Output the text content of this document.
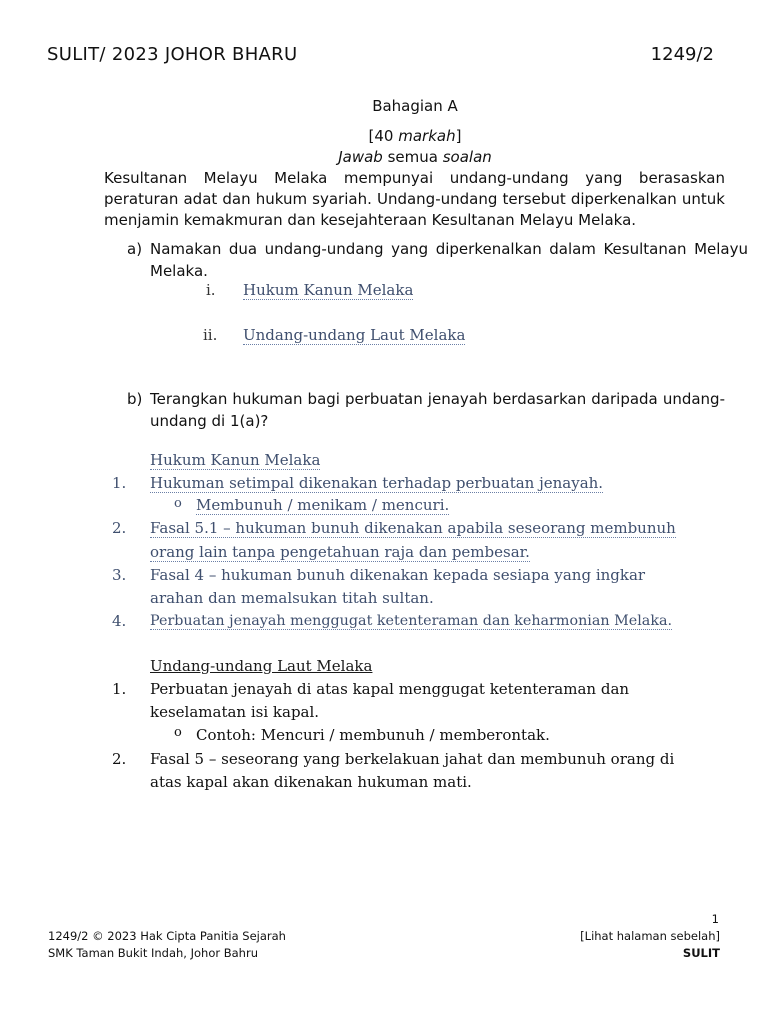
SULIT/ 2023 JOHOR BHARU	1249/2
Bahagian A
[40 markah]
Jawab semua soalan
Kesultanan Melayu Melaka mempunyai undang-undang yang berasaskan peraturan adat dan hukum syariah. Undang-undang tersebut diperkenalkan untuk menjamin kemakmuran dan kesejahteraan Kesultanan Melayu Melaka.
a) Namakan dua undang-undang yang diperkenalkan dalam Kesultanan Melayu Melaka.
i. Hukum Kanun Melaka
ii. Undang-undang Laut Melaka
b) Terangkan hukuman bagi perbuatan jenayah berdasarkan daripada undang- undang di 1(a)?
Hukum Kanun Melaka
1. Hukuman setimpal dikenakan terhadap perbuatan jenayah.
o Membunuh / menikam / mencuri.
2. Fasal 5.1 – hukuman bunuh dikenakan apabila seseorang membunuh
orang lain tanpa pengetahuan raja dan pembesar.
3. Fasal 4 – hukuman bunuh dikenakan kepada sesiapa yang ingkar
arahan dan memalsukan titah sultan.
4. Perbuatan jenayah menggugat ketenteraman dan keharmonian Melaka.
Undang-undang Laut Melaka
1. Perbuatan jenayah di atas kapal menggugat ketenteraman dan
keselamatan isi kapal.
o Contoh: Mencuri / membunuh / memberontak.
2. Fasal 5 – seseorang yang berkelakuan jahat dan membunuh orang di
atas kapal akan dikenakan hukuman mati.
1
1249/2 © 2023 Hak Cipta Panitia Sejarah
SMK Taman Bukit Indah, Johor Bahru
[Lihat halaman sebelah]
SULIT
